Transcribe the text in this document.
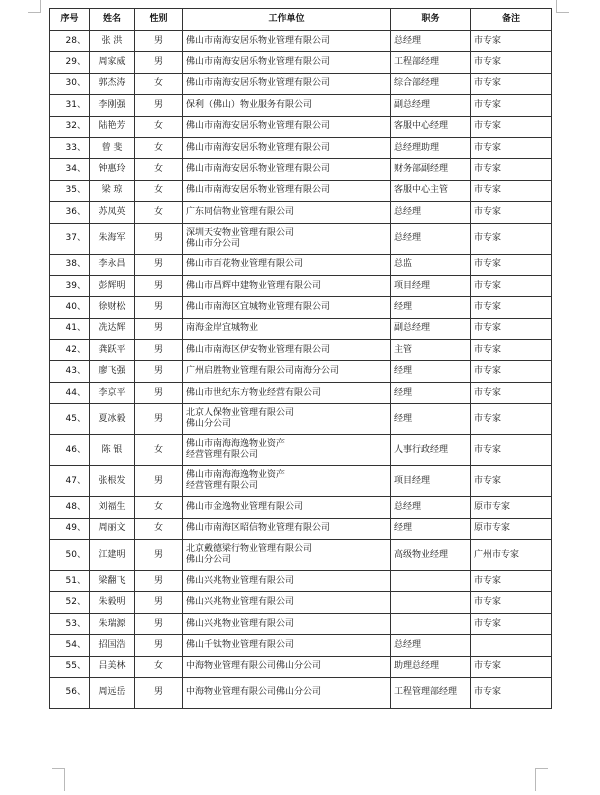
序号	姓名	性别	工作单位	职务	备注
28、	张 洪	男	佛山市南海安居乐物业管理有限公司	总经理	市专家
29、	周家威	男	佛山市南海安居乐物业管理有限公司	工程部经理	市专家
30、	郭杰涛	女	佛山市南海安居乐物业管理有限公司	综合部经理	市专家
31、	李刚强	男	保利（佛山）物业服务有限公司	副总经理	市专家
32、	陆艳芳	女	佛山市南海安居乐物业管理有限公司	客服中心经理	市专家
33、	曾 斐	女	佛山市南海安居乐物业管理有限公司	总经理助理	市专家
34、	钟惠玲	女	佛山市南海安居乐物业管理有限公司	财务部副经理	市专家
35、	梁 琼	女	佛山市南海安居乐物业管理有限公司	客服中心主管	市专家
36、	苏凤英	女	广东同信物业管理有限公司	总经理	市专家
37、	朱海军	男	深圳天安物业管理有限公司
佛山市分公司	总经理	市专家
38、	李永昌	男	佛山市百花物业管理有限公司	总监	市专家
39、	彭辉明	男	佛山市昌辉中建物业管理有限公司	项目经理	市专家
40、	徐财松	男	佛山市南海区宜城物业管理有限公司	经理	市专家
41、	冼达辉	男	南海金岸宜城物业	副总经理	市专家
42、	龚跃平	男	佛山市南海区伊安物业管理有限公司	主管	市专家
43、	廖飞强	男	广州启胜物业管理有限公司南海分公司	经理	市专家
44、	李京平	男	佛山市世纪东方物业经营有限公司	经理	市专家
45、	夏冰毅	男	北京人保物业管理有限公司
佛山分公司	经理	市专家
46、	陈 银	女	佛山市南海海逸物业资产
经营管理有限公司	人事行政经理	市专家
47、	张根发	男	佛山市南海海逸物业资产
经营管理有限公司	项目经理	市专家
48、	刘福生	女	佛山市金逸物业管理有限公司	总经理	原市专家
49、	周丽文	女	佛山市南海区昭信物业管理有限公司	经理	原市专家
50、	江建明	男	北京戴德梁行物业管理有限公司
佛山分公司	高级物业经理	广州市专家
51、	梁翻飞	男	佛山兴兆物业管理有限公司		市专家
52、	朱毅明	男	佛山兴兆物业管理有限公司		市专家
53、	朱瑞源	男	佛山兴兆物业管理有限公司		市专家
54、	招国浩	男	佛山千钛物业管理有限公司	总经理	
55、	吕美林	女	中海物业管理有限公司佛山分公司	助理总经理	市专家
56、	周远岳	男	中海物业管理有限公司佛山分公司	工程管理部经理	市专家
